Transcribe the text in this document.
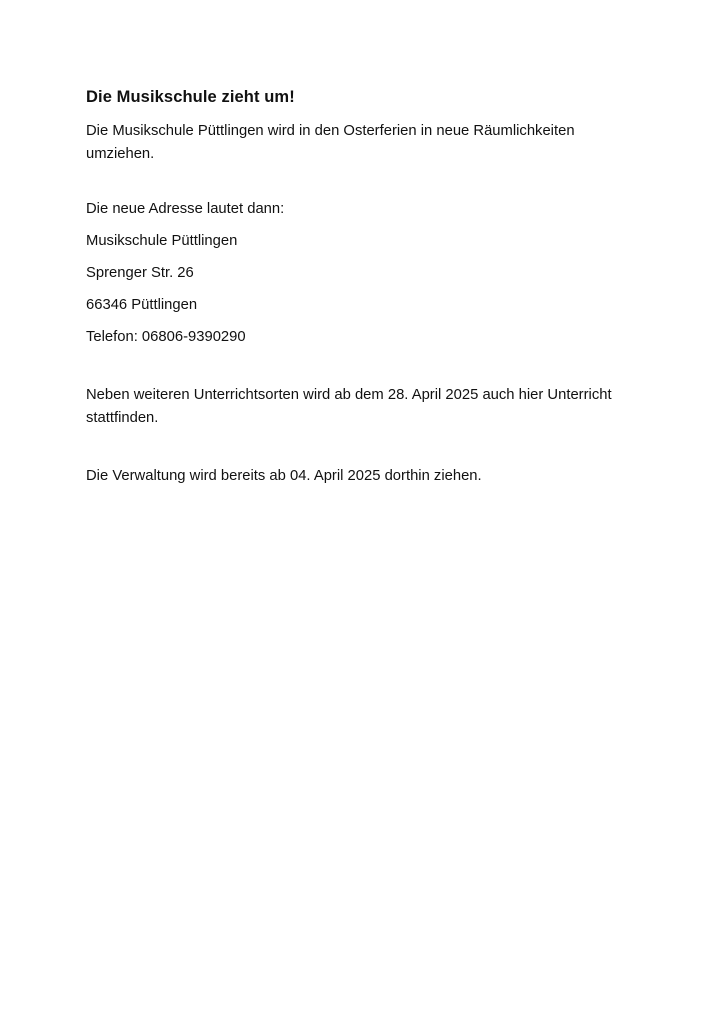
Die Musikschule zieht um!

Die Musikschule Püttlingen wird in den Osterferien in neue Räumlichkeiten umziehen.

Die neue Adresse lautet dann:

Musikschule Püttlingen

Sprenger Str. 26

66346 Püttlingen

Telefon: 06806-9390290

Neben weiteren Unterrichtsorten wird ab dem 28. April 2025 auch hier Unterricht stattfinden.

Die Verwaltung wird bereits ab 04. April 2025 dorthin ziehen.
